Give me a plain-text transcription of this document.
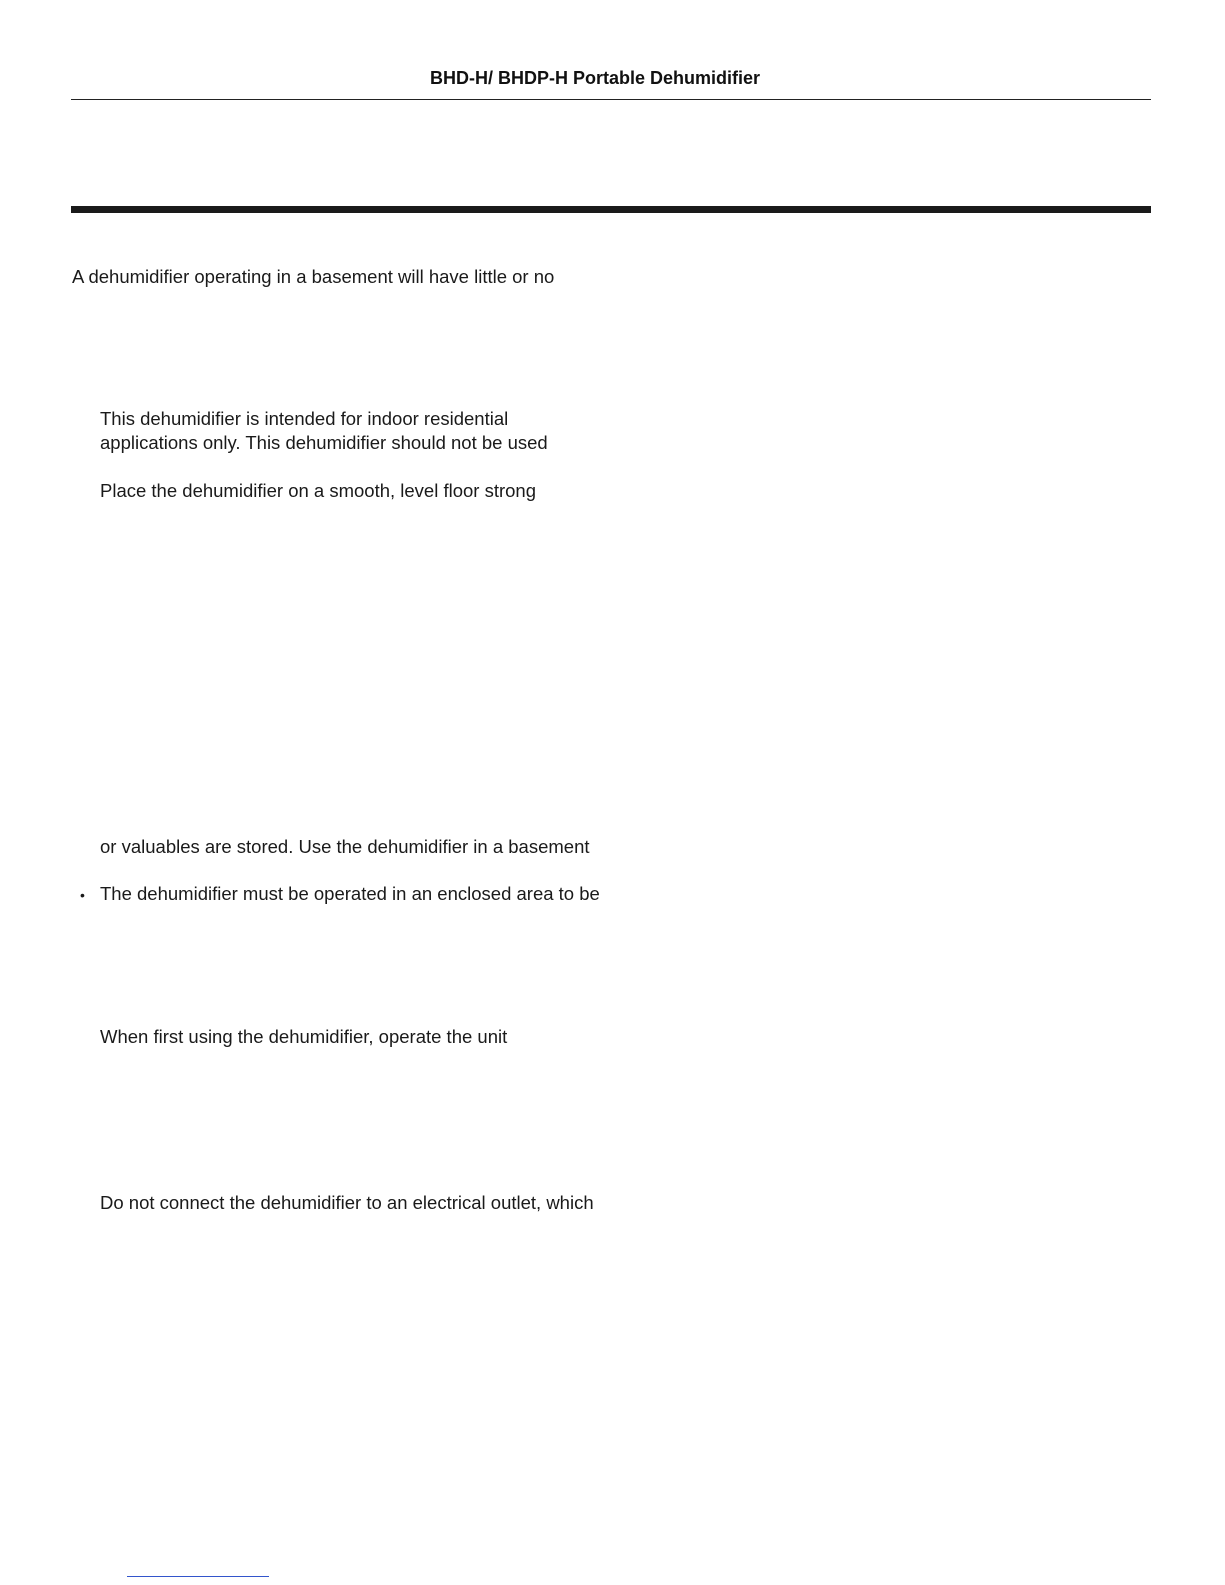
BHD-H/ BHDP-H Portable Dehumidifier
A dehumidifier operating in a basement will have little or no
This dehumidifier is intended for indoor residential
applications only. This dehumidifier should not be used
Place the dehumidifier on a smooth, level floor strong
or valuables are stored. Use the dehumidifier in a basement
• The dehumidifier must be operated in an enclosed area to be
When first using the dehumidifier, operate the unit
Do not connect the dehumidifier to an electrical outlet, which
